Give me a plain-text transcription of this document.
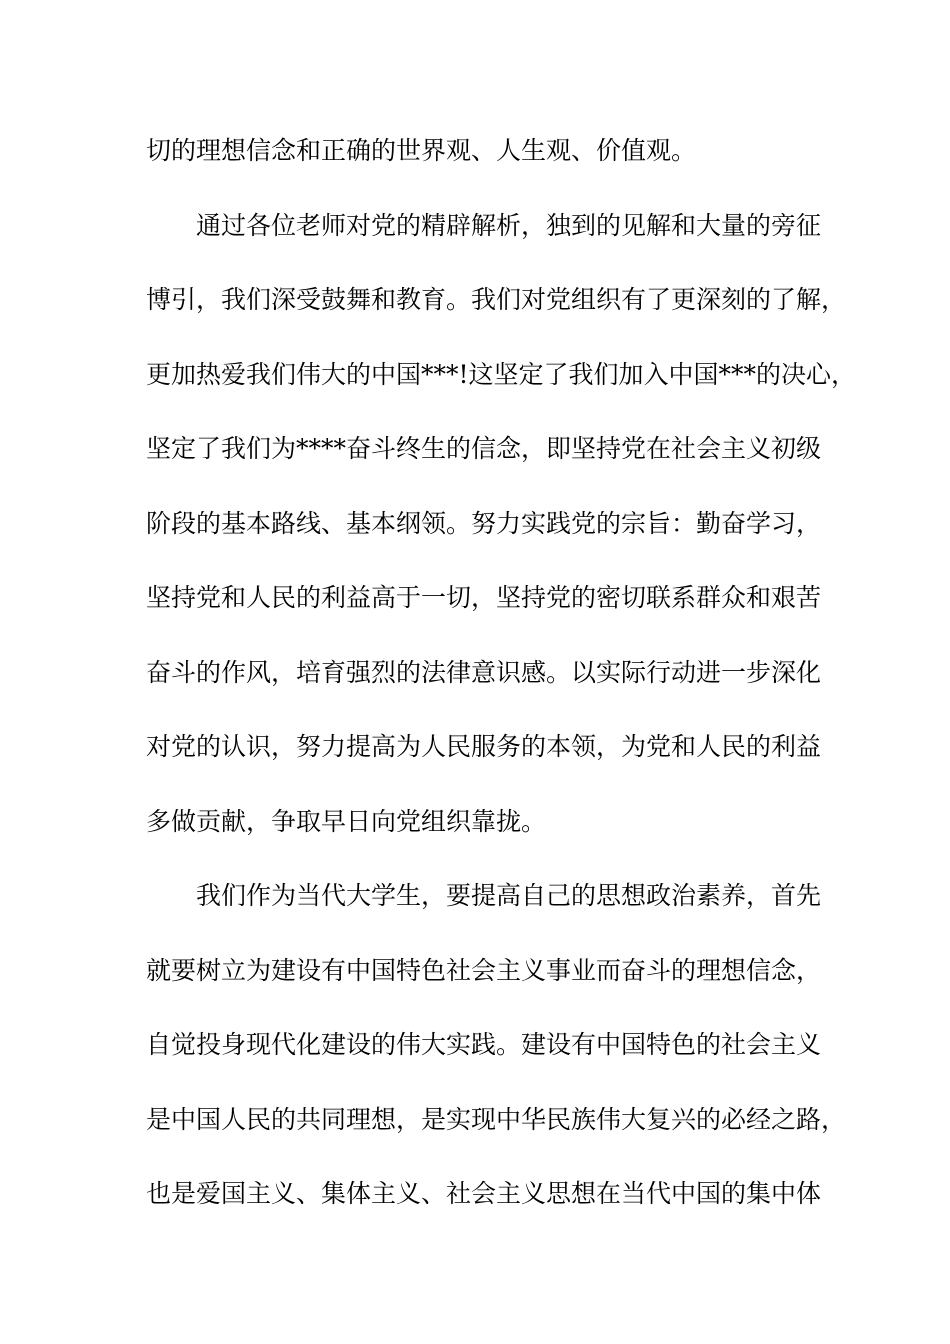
切的理想信念和正确的世界观、人生观、价值观。
通过各位老师对党的精辟解析，独到的见解和大量的旁征
博引，我们深受鼓舞和教育。我们对党组织有了更深刻的了解，
更加热爱我们伟大的中国***!这坚定了我们加入中国***的决心，
坚定了我们为****奋斗终生的信念，即坚持党在社会主义初级
阶段的基本路线、基本纲领。努力实践党的宗旨：勤奋学习，
坚持党和人民的利益高于一切，坚持党的密切联系群众和艰苦
奋斗的作风，培育强烈的法律意识感。以实际行动进一步深化
对党的认识，努力提高为人民服务的本领，为党和人民的利益
多做贡献，争取早日向党组织靠拢。
我们作为当代大学生，要提高自己的思想政治素养，首先
就要树立为建设有中国特色社会主义事业而奋斗的理想信念，
自觉投身现代化建设的伟大实践。建设有中国特色的社会主义
是中国人民的共同理想，是实现中华民族伟大复兴的必经之路，
也是爱国主义、集体主义、社会主义思想在当代中国的集中体
